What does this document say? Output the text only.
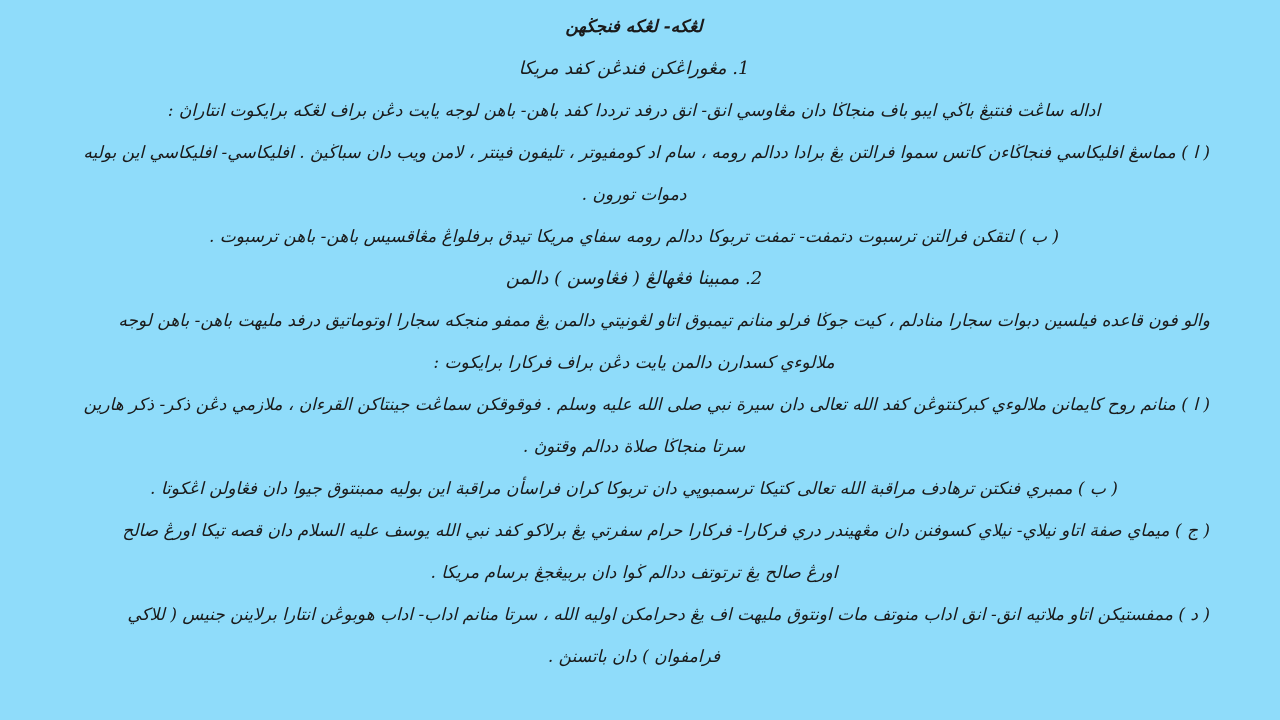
لڠكه- لڠكه فنجڬهن
1. مڠوراڠكن فندڠن كفد مريكا
اداله ساڠت فنتيڠ باڬي ايبو باف منجاڬا دان مڠاوسي انق- انق درفد ترددا كفد باهن- باهن لوجه يايت دڠن براف لڠكه برايكوت انتاراڽ :
( ا ) مماسڠ افليكاسي فنجاڬاءن كاتس سموا فرالتن يڠ برادا ددالم رومه ، سام اد كومفيوتر ، تليفون فينتر ، لامن ويب دان سباڬيڽ . افليكاسي- افليكاسي اين بوليه
دموات تورون .
( ب ) لتقكن فرالتن ترسبوت دتمفت- تمفت تربوكا ددالم رومه سفاي مريكا تيدق برفلواڠ مڠاقسيس باهن- باهن ترسبوت .
2. ممبينا فڠهالڠ ( فڠاوسن ) دالمن
والو فون قاعده فيلسين دبوات سجارا منادلم ، كيت جوڬا فرلو منانم تيمبوق اتاو لڠونيتي دالمن يڠ ممفو منجكه سجارا اوتوماتيق درفد مليهت باهن- باهن لوجه
ملالوءي كسدارن دالمن يايت دڠن براف فركارا برايكوت :
( ا ) منانم روح كايمانن ملالوءي كبركنتوڠن كفد الله تعالى دان سيرة نبي صلى الله عليه وسلم . فوقوقكن سماڠت جينتاكن القرءان ، ملازمي دڠن ذكر- ذكر هارين
سرتا منجاڬا صلاة ددالم وقتوڽ .
( ب ) ممبري فنكتن ترهادف مراقبة الله تعالى كتيكا ترسمبوڽي دان تربوكا كران فراسأن مراقبة اين بوليه ممبنتوق جيوا دان فڠاولن اڠكوتا .
( ج ) ميماي صفة اتاو نيلاي- نيلاي كسوفنن دان مڠهيندر دري فركارا- فركارا حرام سفرتي يڠ برلاكو كفد نبي الله يوسف عليه السلام دان قصه تيكا اورڠ صالح
اورڠ صالح يڠ ترتوتف ددالم ڬوا دان بربيڠجڠ برسام مريكا .
( د ) ممفستيكن اتاو ملاتيه انق- انق اداب منوتف مات اونتوق مليهت اف يڠ دحرامكن اوليه الله ، سرتا منانم اداب- اداب هوبوڠن انتارا برلاينن جنيس ( للاكي
فرامفوان ) دان باتسنڽ .
